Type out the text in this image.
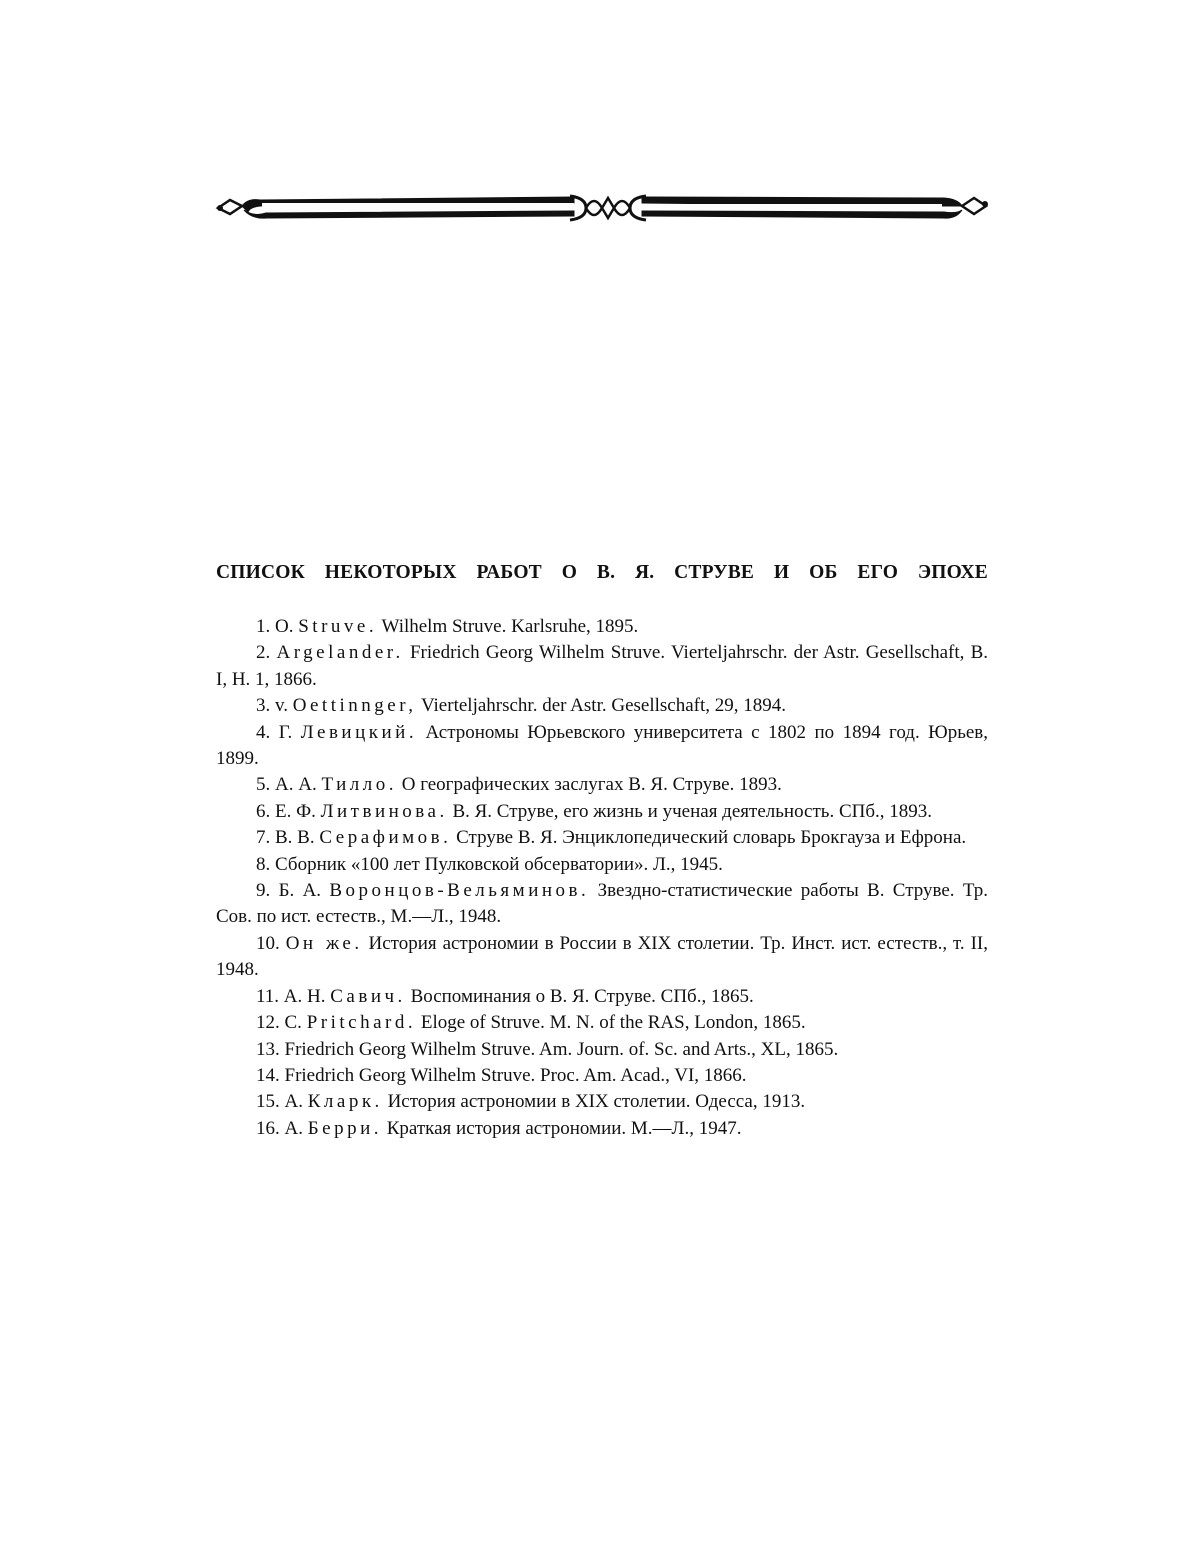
СПИСОК НЕКОТОРЫХ РАБОТ О В. Я. СТРУВЕ И ОБ ЕГО ЭПОХЕ
1. О. Struve. Wilhelm Struve. Karlsruhe, 1895.
2. Argelander. Friedrich Georg Wilhelm Struve. Vierteljahrschr. der Astr. Gesellschaft, B. I, H. 1, 1866.
3. v. Oettinnger, Vierteljahrschr. der Astr. Gesellschaft, 29, 1894.
4. Г. Левицкий. Астрономы Юрьевского университета с 1802 по 1894 год. Юрьев, 1899.
5. А. А. Тилло. О географических заслугах В. Я. Струве. 1893.
6. Е. Ф. Литвинова. В. Я. Струве, его жизнь и ученая деятельность. СПб., 1893.
7. В. В. Серафимов. Струве В. Я. Энциклопедический словарь Брокгауза и Ефрона.
8. Сборник «100 лет Пулковской обсерватории». Л., 1945.
9. Б. А. Воронцов-Вельяминов. Звездно-статистические работы В. Струве. Тр. Сов. по ист. естеств., М.—Л., 1948.
10. Он же. История астрономии в России в XIX столетии. Тр. Инст. ист. естеств., т. II, 1948.
11. А. Н. Савич. Воспоминания о В. Я. Струве. СПб., 1865.
12. C. Pritchard. Eloge of Struve. M. N. of the RAS, London, 1865.
13. Friedrich Georg Wilhelm Struve. Am. Journ. of. Sc. and Arts., XL, 1865.
14. Friedrich Georg Wilhelm Struve. Proc. Am. Acad., VI, 1866.
15. А. Кларк. История астрономии в XIX столетии. Одесса, 1913.
16. А. Берри. Краткая история астрономии. М.—Л., 1947.
